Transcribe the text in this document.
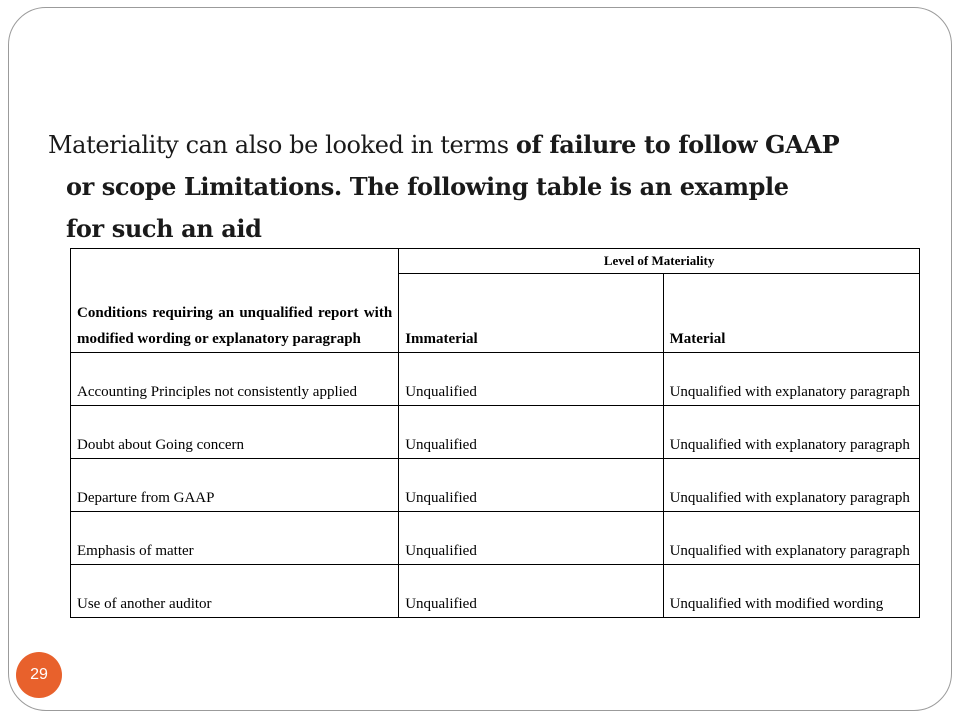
Materiality can also be looked in terms of failure to follow GAAP
or scope Limitations. The following table is an example
for such an aid

Conditions requiring an unqualified report with modified wording or explanatory paragraph	Level of Materiality	
	Immaterial	Material
Accounting Principles not consistently applied	Unqualified	Unqualified with explanatory paragraph
Doubt about Going concern	Unqualified	Unqualified with explanatory paragraph
Departure from GAAP	Unqualified	Unqualified with explanatory paragraph
Emphasis of matter	Unqualified	Unqualified with explanatory paragraph
Use of another auditor	Unqualified	Unqualified with modified wording
29
